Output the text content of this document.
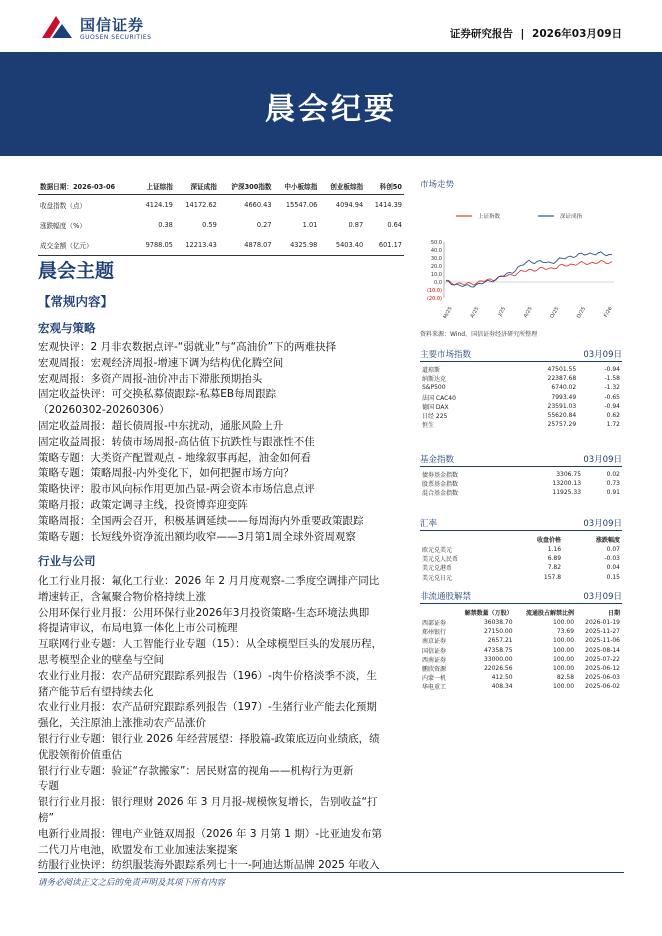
国信证券
GUOSEN SECURITIES	证券研究报告 | 2026年03月09日
晨会纪要
数据日期：2026-03-06	上证综指	深证成指	沪深300指数	中小板综指	创业板综指	科创50
收盘指数（点）	4124.19	14172.62	4660.43	15547.06	4094.94	1414.39
涨跌幅度（%）	0.38	0.59	0.27	1.01	0.87	0.64
成交金额（亿元）	9788.05	12213.43	4878.07	4325.98	5403.40	601.17
晨会主题
【常规内容】
宏观与策略
宏观快评：2 月非农数据点评-“弱就业”与“高油价”下的两难抉择
宏观周报：宏观经济周报-增速下调为结构优化腾空间
宏观周报：多资产周报-油价冲击下滞胀预期抬头
固定收益快评：可交换私募债跟踪-私募EB每周跟踪
（20260302-20260306）
固定收益周报：超长债周报-中东扰动，通胀风险上升
固定收益周报：转债市场周报-高估值下抗跌性与跟涨性不佳
策略专题：大类资产配置观点 - 地缘叙事再起，油金如何看
策略专题：策略周报-内外变化下，如何把握市场方向？
策略快评：股市风向标作用更加凸显-两会资本市场信息点评
策略月报：政策定调寻主线，投资博弈迎变阵
策略周报：全国两会召开，积极基调延续——每周海内外重要政策跟踪
策略专题：长短线外资净流出额均收窄——3月第1周全球外资周观察
行业与公司
化工行业月报：氟化工行业：2026 年 2 月月度观察-二季度空调排产同比
增速转正，含氟聚合物价格持续上涨
公用环保行业月报：公用环保行业2026年3月投资策略-生态环境法典即
将提请审议，布局电算一体化上市公司梳理
互联网行业专题：人工智能行业专题（15）：从全球模型巨头的发展历程，
思考模型企业的壁垒与空间
农业行业月报：农产品研究跟踪系列报告（196）-肉牛价格淡季不淡，生
猪产能节后有望持续去化
农业行业月报：农产品研究跟踪系列报告（197）-生猪行业产能去化预期
强化，关注原油上涨推动农产品涨价
银行行业专题：银行业 2026 年经营展望：择股篇-政策底迈向业绩底，绩
优股领衔价值重估
银行行业专题：验证“存款搬家”：居民财富的视角——机构行为更新
专题
银行行业月报：银行理财 2026 年 3 月月报-规模恢复增长，告别收益“打
榜”
电新行业周报：锂电产业链双周报（2026 年 3 月第 1 期）-比亚迪发布第
二代刀片电池，欧盟发布工业加速法案提案
纺服行业快评：纺织服装海外跟踪系列七十一-阿迪达斯品牌 2025 年收入
市场走势
上证指数	深证成指
50.0
40.0
30.0
20.0
10.0
0.0
(10.0)
(20.0)
M/25	A/25	J/25	A/25	O/25	D/25	F/26
资料来源：Wind、国信证券经济研究所整理
主要市场指数	03月09日
道琼斯	47501.55	-0.94
纳斯达克	22387.68	-1.58
S&P500	6740.02	-1.32
法国 CAC40	7993.49	-0.65
德国 DAX	23591.03	-0.94
日经 225	55620.84	0.62
恒生	25757.29	1.72
基金指数	03月09日
债券基金指数	3306.75	0.02
股票基金指数	13200.13	0.73
混合基金指数	11925.33	0.91
汇率	03月09日
	收盘价格	涨跌幅度
欧元兑美元	1.16	0.07
美元兑人民币	6.89	-0.03
美元兑港币	7.82	0.04
美元兑日元	157.8	0.15
非流通股解禁	03月09日
	解禁数量（万股）	流通股占解禁比例	日期
西部证券	36038.70	100.00	2026-01-19
郑州银行	27150.00	73.69	2025-11-27
南京证券	2657.21	100.00	2025-11-06
国信证券	47358.75	100.00	2025-08-14
西南证券	33000.00	100.00	2025-07-22
鹏欣资源	22026.56	100.00	2025-06-12
内蒙一机	412.50	82.58	2025-06-03
华电重工	408.34	100.00	2025-06-02
请务必阅读正文之后的免责声明及其项下所有内容
